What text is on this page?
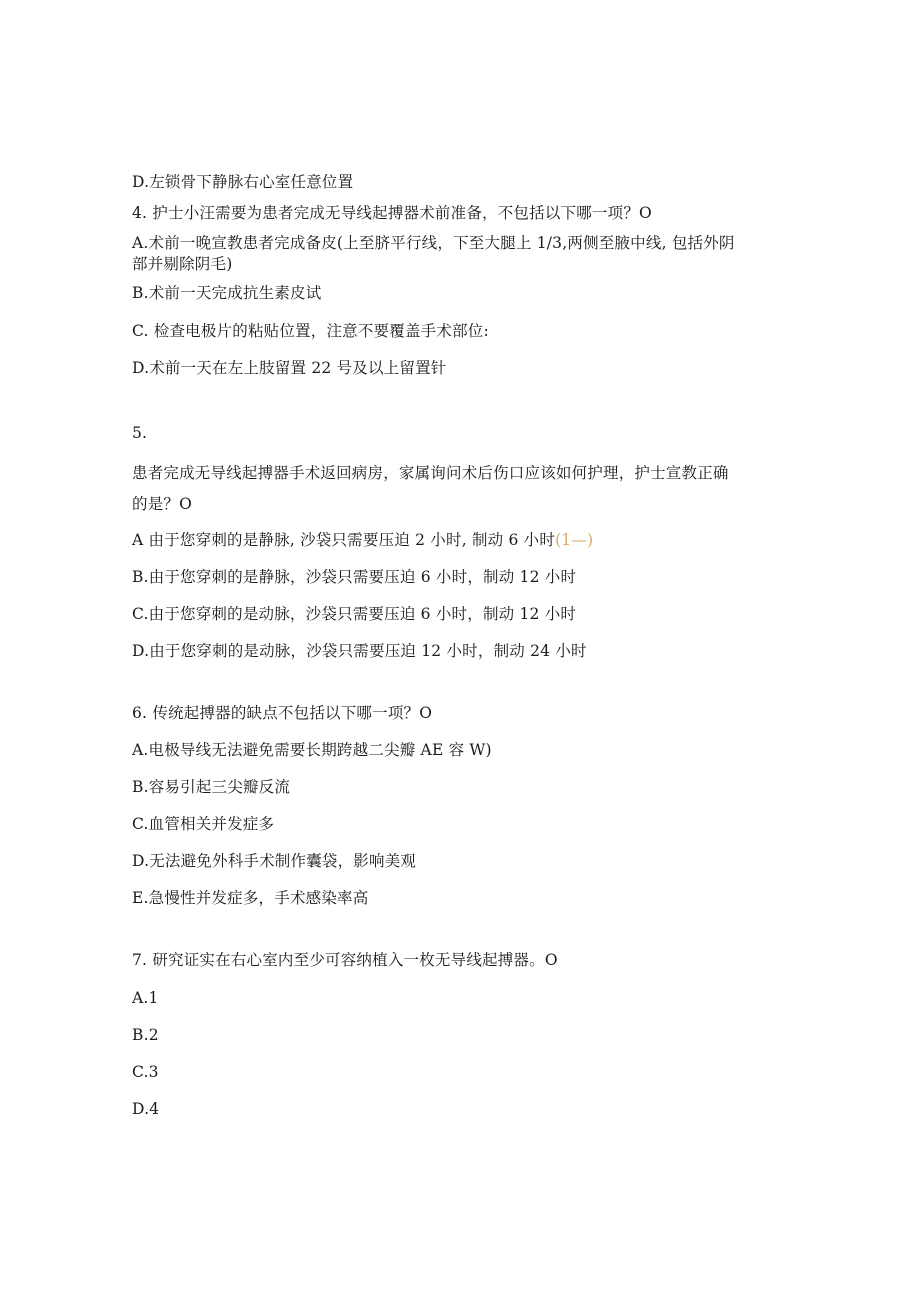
D.左锁骨下静脉右心室任意位置
4. 护士小汪需要为患者完成无导线起搏器术前准备，不包括以下哪一项？O
A.术前一晚宣教患者完成备皮(上至脐平行线，下至大腿上 1/3,两侧至腋中线, 包括外阴
部并剔除阴毛)
B.术前一天完成抗生素皮试
C. 检查电极片的粘贴位置，注意不要覆盖手术部位:
D.术前一天在左上肢留置 22 号及以上留置针
5.
患者完成无导线起搏器手术返回病房，家属询问术后伤口应该如何护理，护士宣教正确
的是？O
A 由于您穿刺的是静脉, 沙袋只需要压迫 2 小时, 制动 6 小时(1—)
B.由于您穿刺的是静脉，沙袋只需要压迫 6 小时，制动 12 小时
C.由于您穿刺的是动脉，沙袋只需要压迫 6 小时，制动 12 小时
D.由于您穿刺的是动脉，沙袋只需要压迫 12 小时，制动 24 小时
6. 传统起搏器的缺点不包括以下哪一项？O
A.电极导线无法避免需要长期跨越二尖瓣 AE 容 W)
B.容易引起三尖瓣反流
C.血管相关并发症多
D.无法避免外科手术制作囊袋，影响美观
E.急慢性并发症多，手术感染率高
7. 研究证实在右心室内至少可容纳植入一枚无导线起搏器。O
A.1
B.2
C.3
D.4
